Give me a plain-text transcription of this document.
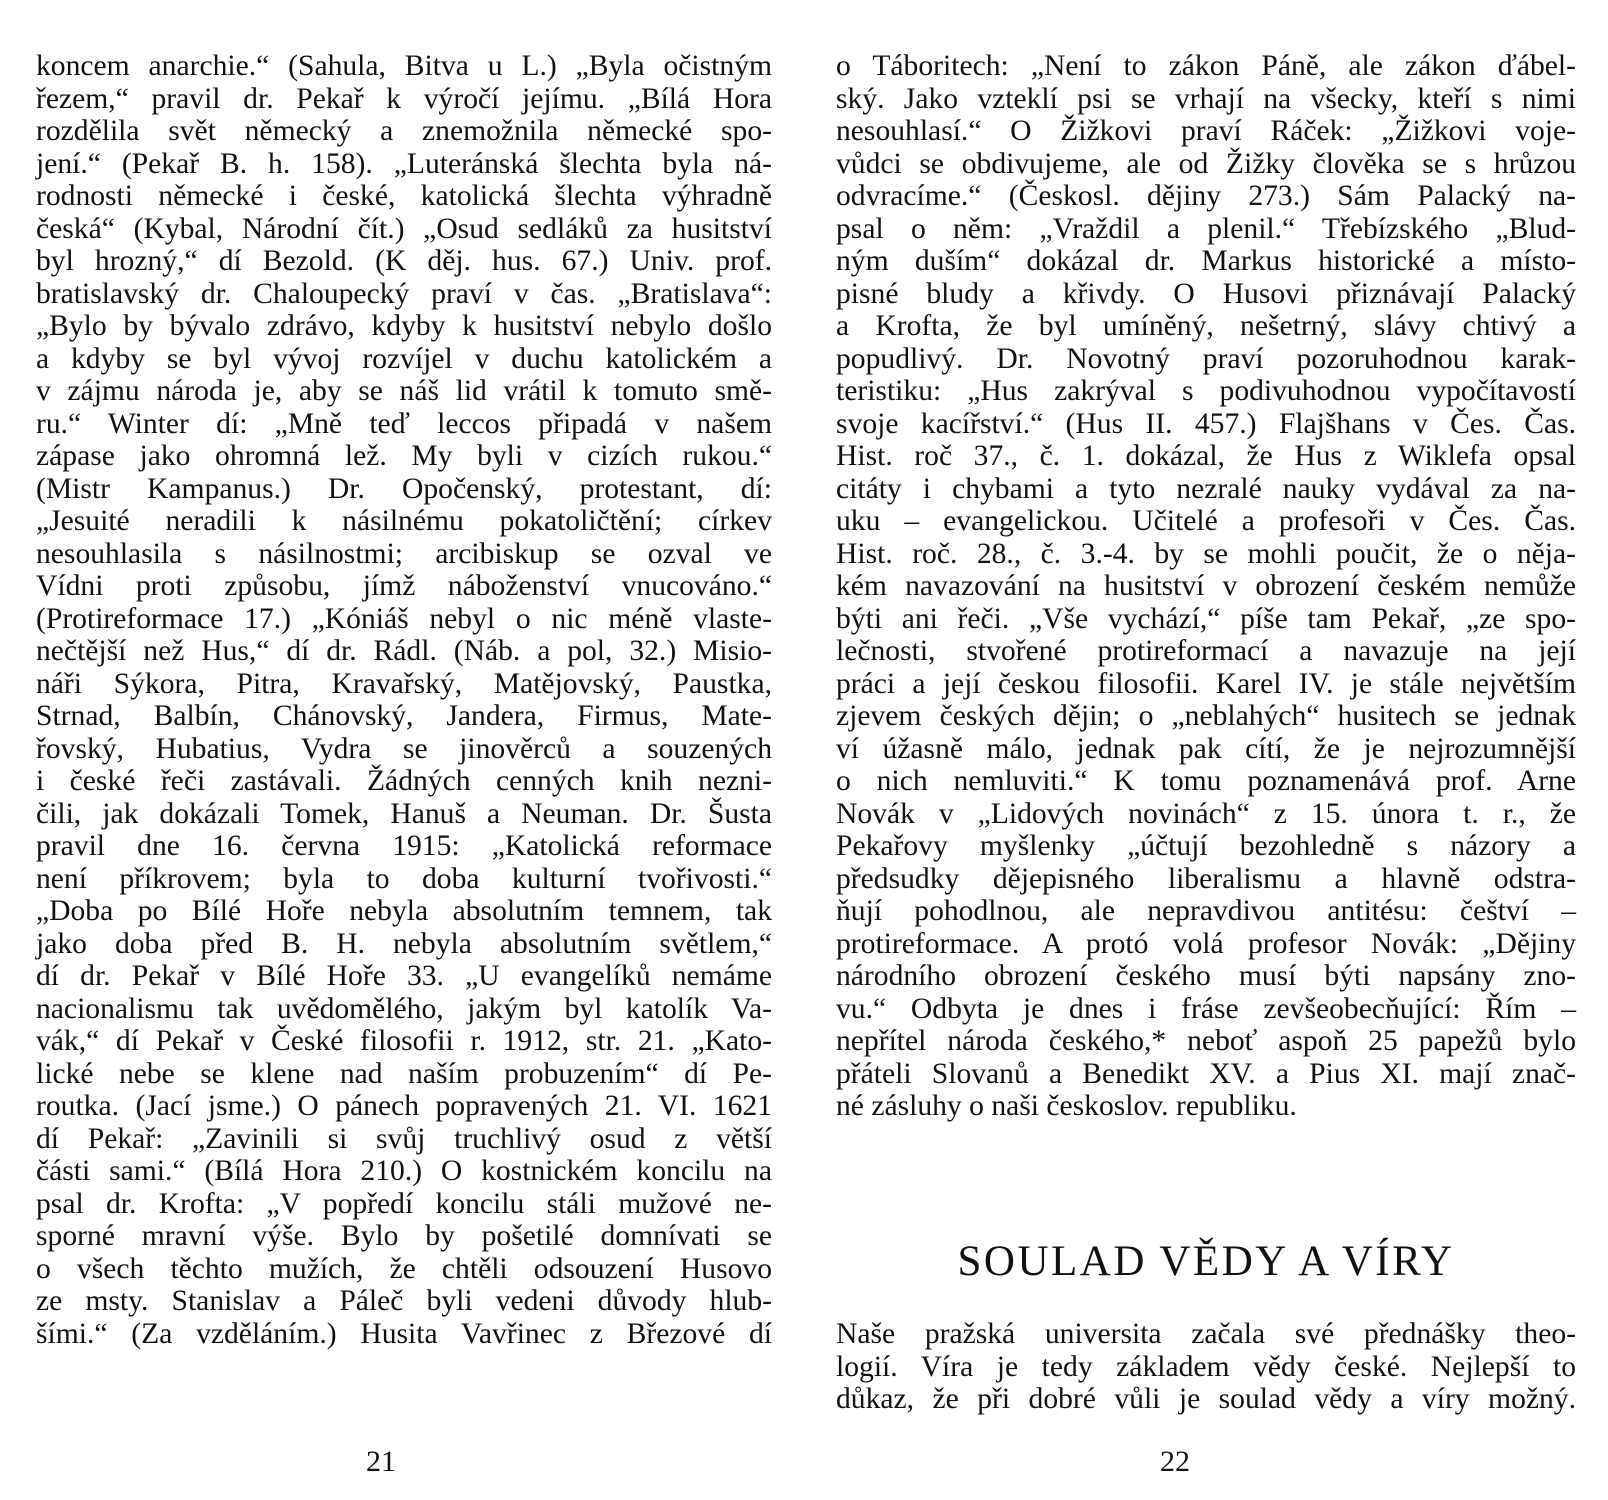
koncem anarchie.“ (Sahula, Bitva u L.) „Byla očistným
řezem,“ pravil dr. Pekař k výročí jejímu. „Bílá Hora
rozdělila svět německý a znemožnila německé spo-
jení.“ (Pekař B. h. 158). „Luteránská šlechta byla ná-
rodnosti německé i české, katolická šlechta výhradně
česká“ (Kybal, Národní čít.) „Osud sedláků za husitství
byl hrozný,“ dí Bezold. (K děj. hus. 67.) Univ. prof.
bratislavský dr. Chaloupecký praví v čas. „Bratislava“:
„Bylo by bývalo zdrávo, kdyby k husitství nebylo došlo
a kdyby se byl vývoj rozvíjel v duchu katolickém a
v zájmu národa je, aby se náš lid vrátil k tomuto smě-
ru.“ Winter dí: „Mně teď leccos připadá v našem
zápase jako ohromná lež. My byli v cizích rukou.“
(Mistr Kampanus.) Dr. Opočenský, protestant, dí:
„Jesuité neradili k násilnému pokatoličtění; církev
nesouhlasila s násilnostmi; arcibiskup se ozval ve
Vídni proti způsobu, jímž náboženství vnucováno.“
(Protireformace 17.) „Kóniáš nebyl o nic méně vlaste-
nečtější než Hus,“ dí dr. Rádl. (Náb. a pol, 32.) Misio-
náři Sýkora, Pitra, Kravařský, Matějovský, Paustka,
Strnad, Balbín, Chánovský, Jandera, Firmus, Mate-
řovský, Hubatius, Vydra se jinověrců a souzených
i české řeči zastávali. Žádných cenných knih nezni-
čili, jak dokázali Tomek, Hanuš a Neuman. Dr. Šusta
pravil dne 16. června 1915: „Katolická reformace
není příkrovem; byla to doba kulturní tvořivosti.“
„Doba po Bílé Hoře nebyla absolutním temnem, tak
jako doba před B. H. nebyla absolutním světlem,“
dí dr. Pekař v Bílé Hoře 33. „U evangelíků nemáme
nacionalismu tak uvědomělého, jakým byl katolík Va-
vák,“ dí Pekař v České filosofii r. 1912, str. 21. „Kato-
lické nebe se klene nad naším probuzením“ dí Pe-
routka. (Jací jsme.) O pánech popravených 21. VI. 1621
dí Pekař: „Zavinili si svůj truchlivý osud z větší
části sami.“ (Bílá Hora 210.) O kostnickém koncilu na
psal dr. Krofta: „V popředí koncilu stáli mužové ne-
sporné mravní výše. Bylo by pošetilé domnívati se
o všech těchto mužích, že chtěli odsouzení Husovo
ze msty. Stanislav a Páleč byli vedeni důvody hlub-
šími.“ (Za vzděláním.) Husita Vavřinec z Březové dí
21
o Táboritech: „Není to zákon Páně, ale zákon ďábel-
ský. Jako vzteklí psi se vrhají na všecky, kteří s nimi
nesouhlasí.“ O Žižkovi praví Ráček: „Žižkovi voje-
vůdci se obdivujeme, ale od Žižky člověka se s hrůzou
odvracíme.“ (Českosl. dějiny 273.) Sám Palacký na-
psal o něm: „Vraždil a plenil.“ Třebízského „Blud-
ným duším“ dokázal dr. Markus historické a místo-
pisné bludy a křivdy. O Husovi přiznávají Palacký
a Krofta, že byl umíněný, nešetrný, slávy chtivý a
popudlivý. Dr. Novotný praví pozoruhodnou karak-
teristiku: „Hus zakrýval s podivuhodnou vypočítavostí
svoje kacířství.“ (Hus II. 457.) Flajšhans v Čes. Čas.
Hist. roč 37., č. 1. dokázal, že Hus z Wiklefa opsal
citáty i chybami a tyto nezralé nauky vydával za na-
uku – evangelickou. Učitelé a profesoři v Čes. Čas.
Hist. roč. 28., č. 3.-4. by se mohli poučit, že o něja-
kém navazování na husitství v obrození českém nemůže
býti ani řeči. „Vše vychází,“ píše tam Pekař, „ze spo-
lečnosti, stvořené protireformací a navazuje na její
práci a její českou filosofii. Karel IV. je stále největším
zjevem českých dějin; o „neblahých“ husitech se jednak
ví úžasně málo, jednak pak cítí, že je nejrozumnější
o nich nemluviti.“ K tomu poznamenává prof. Arne
Novák v „Lidových novinách“ z 15. února t. r., že
Pekařovy myšlenky „účtují bezohledně s názory a
předsudky dějepisného liberalismu a hlavně odstra-
ňují pohodlnou, ale nepravdivou antitésu: češtví –
protireformace. A protó volá profesor Novák: „Dějiny
národního obrození českého musí býti napsány zno-
vu.“ Odbyta je dnes i fráse zevšeobecňující: Řím –
nepřítel národa českého,* neboť aspoň 25 papežů bylo
přáteli Slovanů a Benedikt XV. a Pius XI. mají znač-
né zásluhy o naši českoslov. republiku.
SOULAD VĚDY A VÍRY
Naše pražská universita začala své přednášky theo-
logií. Víra je tedy základem vědy české. Nejlepší to
důkaz, že při dobré vůli je soulad vědy a víry možný.
22
